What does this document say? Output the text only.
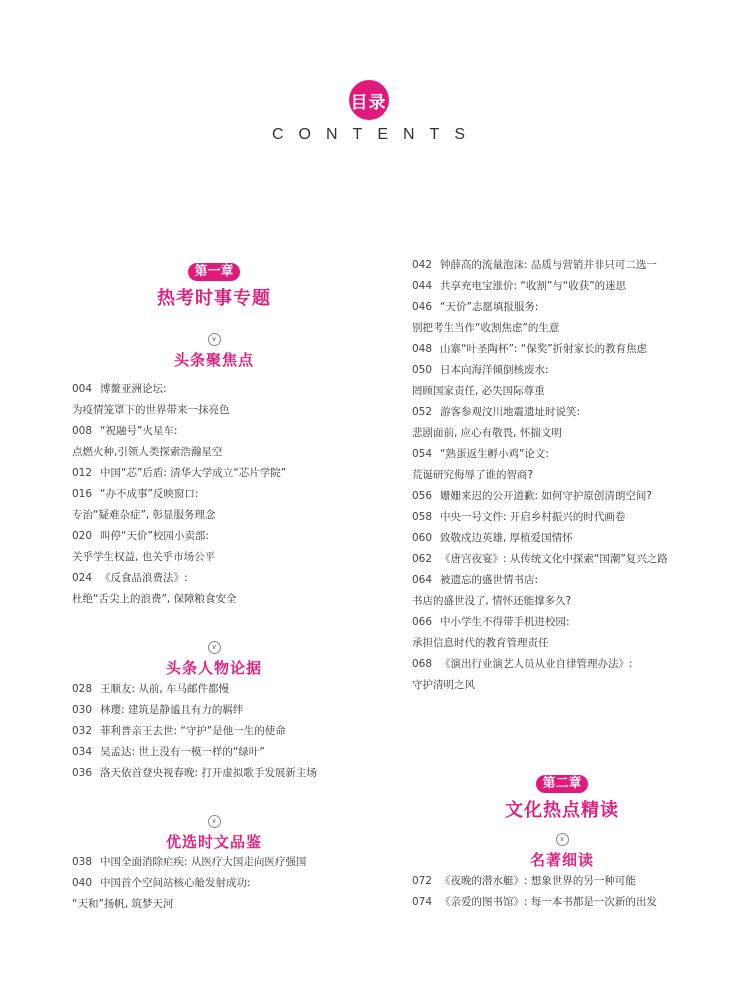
目录
CONTENTS
第一章
热考时事专题
∨
头条聚焦点
004 博鳌亚洲论坛:
为疫情笼罩下的世界带来一抹亮色
008 “祝融号”火星车:
点燃火种,引领人类探索浩瀚星空
012 中国“芯”后盾: 清华大学成立“芯片学院”
016 “办不成事”反映窗口:
专治“疑难杂症”, 彰显服务理念
020 叫停“天价”校园小卖部:
关乎学生权益, 也关乎市场公平
024 《反食品浪费法》:
杜绝“舌尖上的浪费”, 保障粮食安全
∨
头条人物论据
028 王顺友: 从前, 车马邮件都慢
030 林璎: 建筑是静谧且有力的羁绊
032 菲利普亲王去世: “守护”是他一生的使命
034 吴孟达: 世上没有一模一样的“绿叶”
036 洛天依首登央视春晚: 打开虚拟歌手发展新主场
∨
优选时文品鉴
038 中国全面消除疟疾: 从医疗大国走向医疗强国
040 中国首个空间站核心舱发射成功:
“天和”扬帆, 筑梦天河
042 钟薛高的流量泡沫: 品质与营销并非只可二选一
044 共享充电宝涨价: “收割”与“收获”的迷思
046 “天价”志愿填报服务:
别把考生当作“收割焦虑”的生意
048 山寨“叶圣陶杯”: “保奖”折射家长的教育焦虑
050 日本向海洋倾倒核废水:
罔顾国家责任, 必失国际尊重
052 游客参观汶川地震遗址时说笑:
悲剧面前, 应心有敬畏, 怀揣文明
054 “熟蛋返生孵小鸡”论文:
荒诞研究侮辱了谁的智商?
056 姗姗来迟的公开道歉: 如何守护原创清朗空间?
058 中央一号文件: 开启乡村振兴的时代画卷
060 致敬戍边英雄, 厚植爱国情怀
062 《唐宫夜宴》: 从传统文化中探索“国潮”复兴之路
064 被遗忘的盛世情书店:
书店的盛世没了, 情怀还能撑多久?
066 中小学生不得带手机进校园:
承担信息时代的教育管理责任
068 《演出行业演艺人员从业自律管理办法》:
守护清明之风
第二章
文化热点精读
∨
名著细读
072 《夜晚的潜水艇》: 想象世界的另一种可能
074 《亲爱的图书馆》: 每一本书都是一次新的出发
